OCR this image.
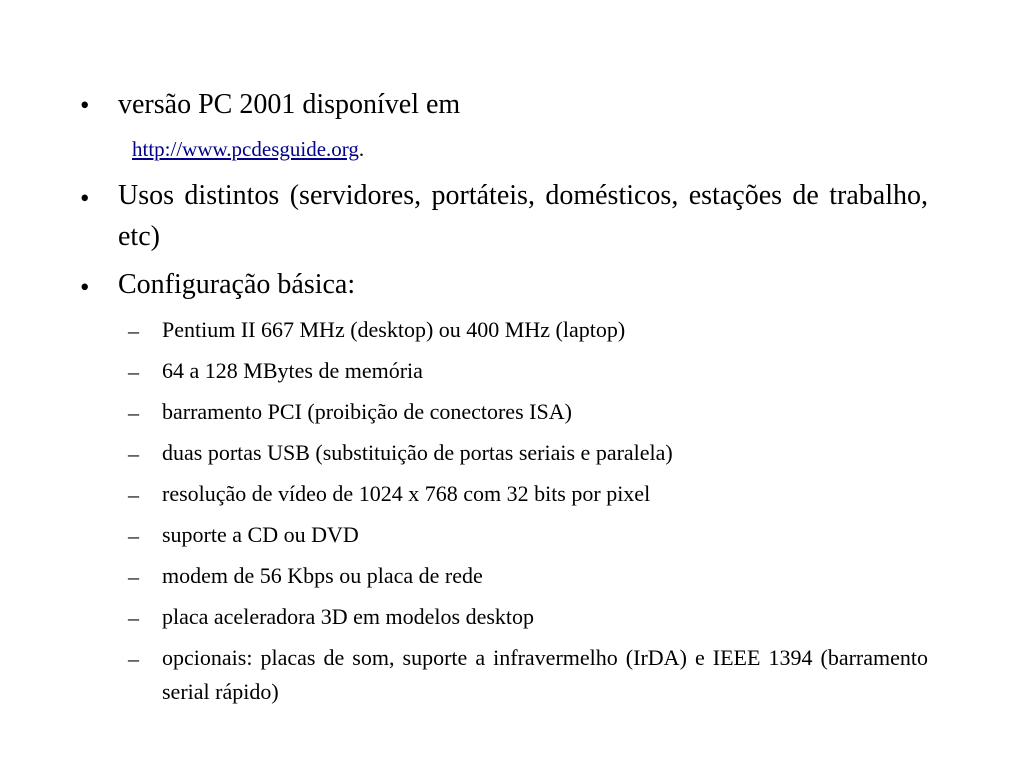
• versão PC 2001 disponível em
http://www.pcdesguide.org.
• Usos distintos (servidores, portáteis, domésticos, estações de trabalho, etc)
• Configuração básica:
– Pentium II 667 MHz (desktop) ou 400 MHz (laptop)
– 64 a 128 MBytes de memória
– barramento PCI (proibição de conectores ISA)
– duas portas USB (substituição de portas seriais e paralela)
– resolução de vídeo de 1024 x 768 com 32 bits por pixel
– suporte a CD ou DVD
– modem de 56 Kbps ou placa de rede
– placa aceleradora 3D em modelos desktop
– opcionais: placas de som, suporte a infravermelho (IrDA) e IEEE 1394 (barramento serial rápido)
